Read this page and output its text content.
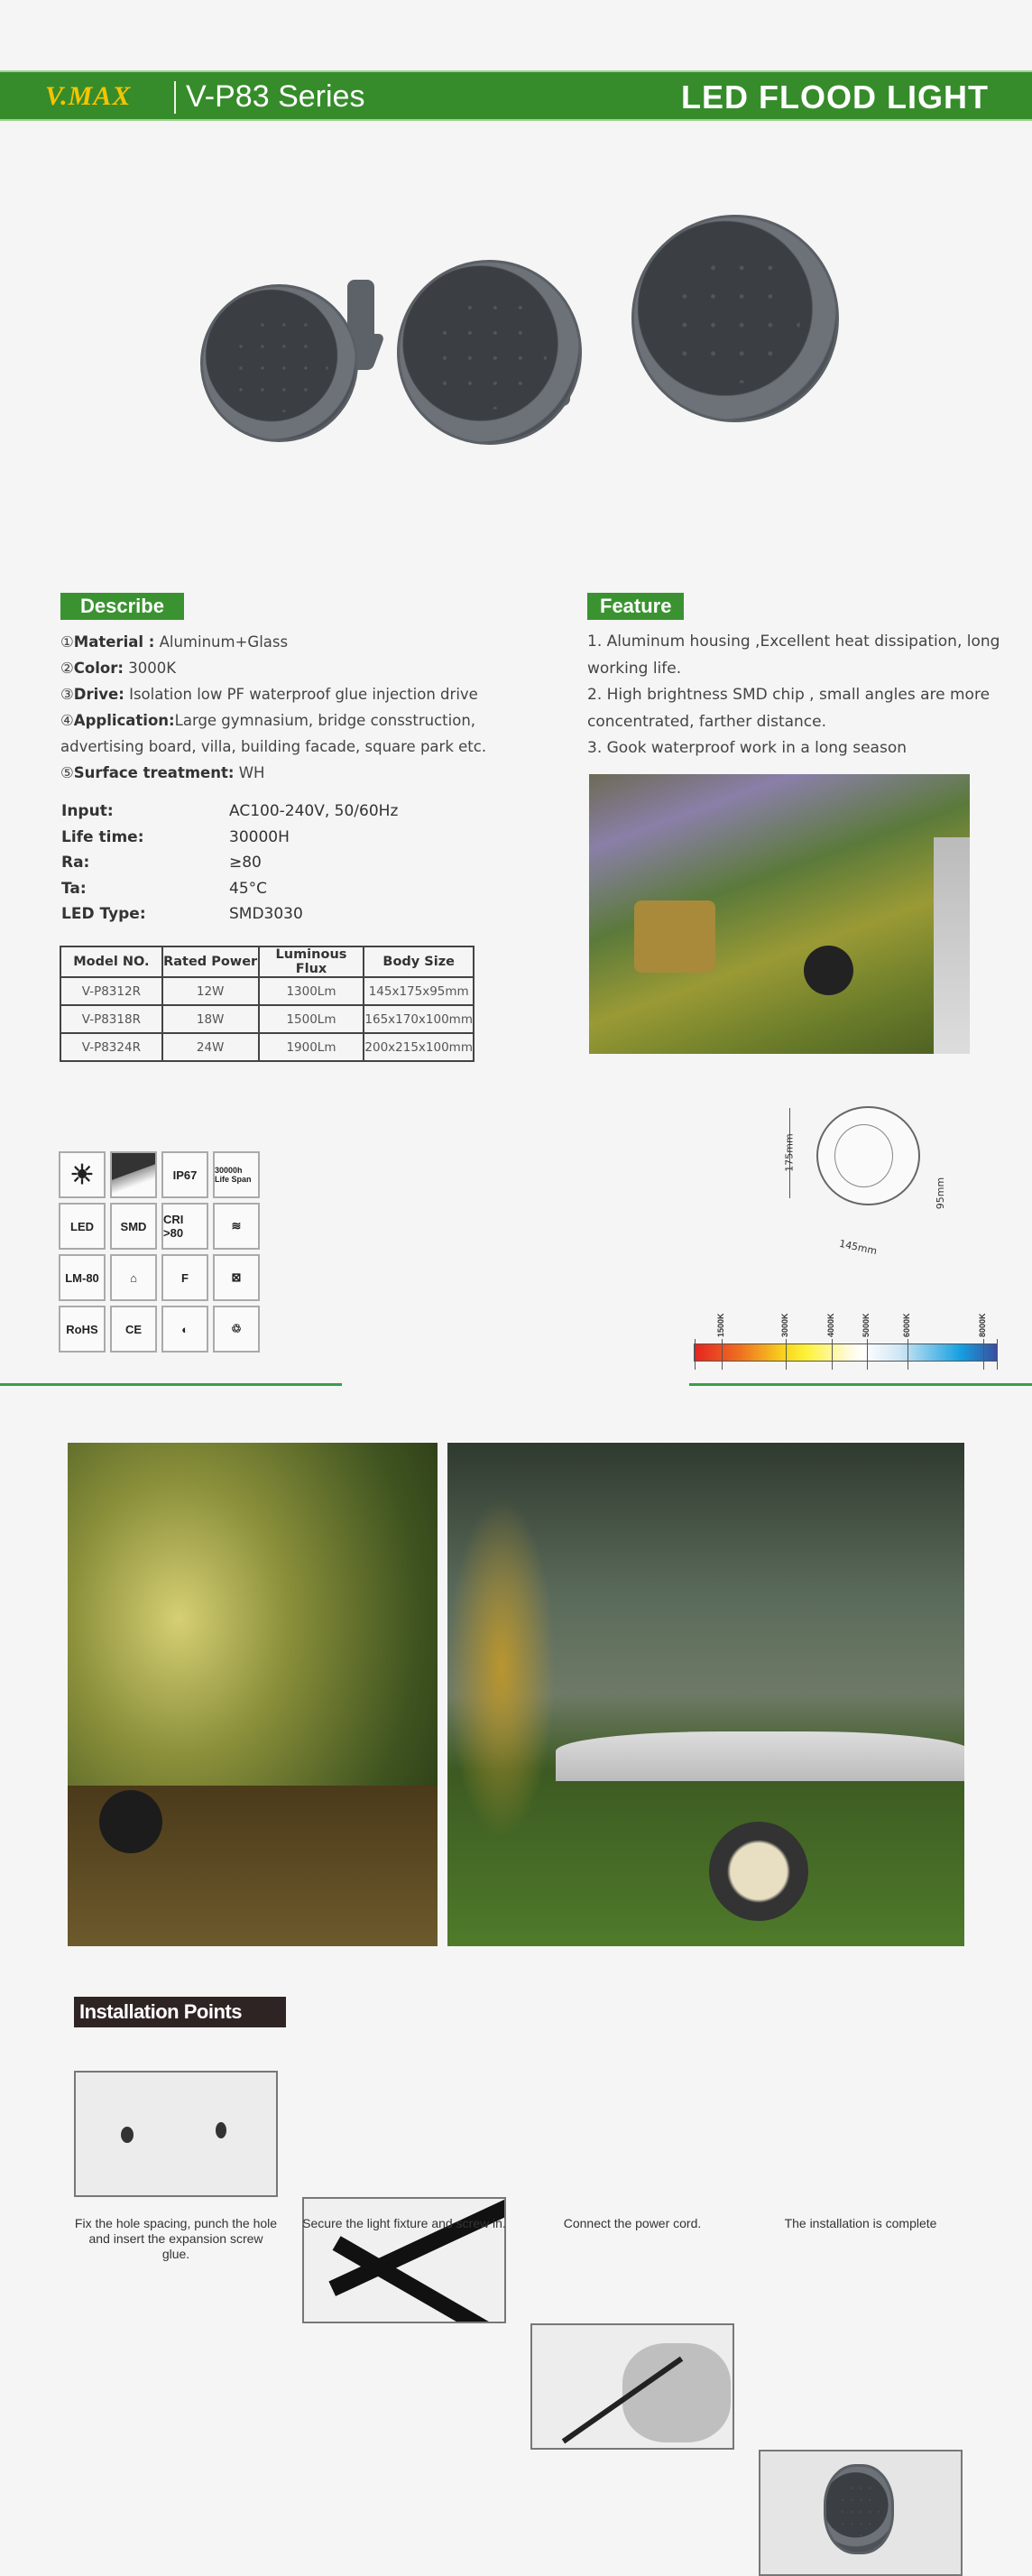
V.MAX V-P83 Series	LED FLOOD LIGHT
Describe
①Material : Aluminum+Glass
②Color: 3000K
③Drive: Isolation low PF waterproof glue injection drive
④Application:Large gymnasium, bridge consstruction, advertising board, villa, building facade, square park etc.
⑤Surface treatment: WH
Input:	AC100-240V, 50/60Hz
Life time:	30000H
Ra:	≥80
Ta:	45°C
LED Type:	SMD3030
Model NO.	Rated Power	Luminous Flux	Body Size
V-P8312R	12W	1300Lm	145x175x95mm
V-P8318R	18W	1500Lm	165x170x100mm
V-P8324R	24W	1900Lm	200x215x100mm
Feature
1. Aluminum housing ,Excellent heat dissipation, long working life.
2. High brightness SMD chip , small angles are more concentrated, farther distance.
3. Gook waterproof work in a long season
175mm
145mm
95mm
☀	IP67	30000h Life Span
LED	SMD	CRI >80
≋
LM-80	⌂	F	⊠
RoHS	CE	◐	♲	1500K	3000K	4000K	5000K	6000K	8000K
Installation Points
Fix the hole spacing, punch the hole and insert the expansion screw glue.
Secure the light fixture and screw in.	Connect the power cord.	The installation is complete
